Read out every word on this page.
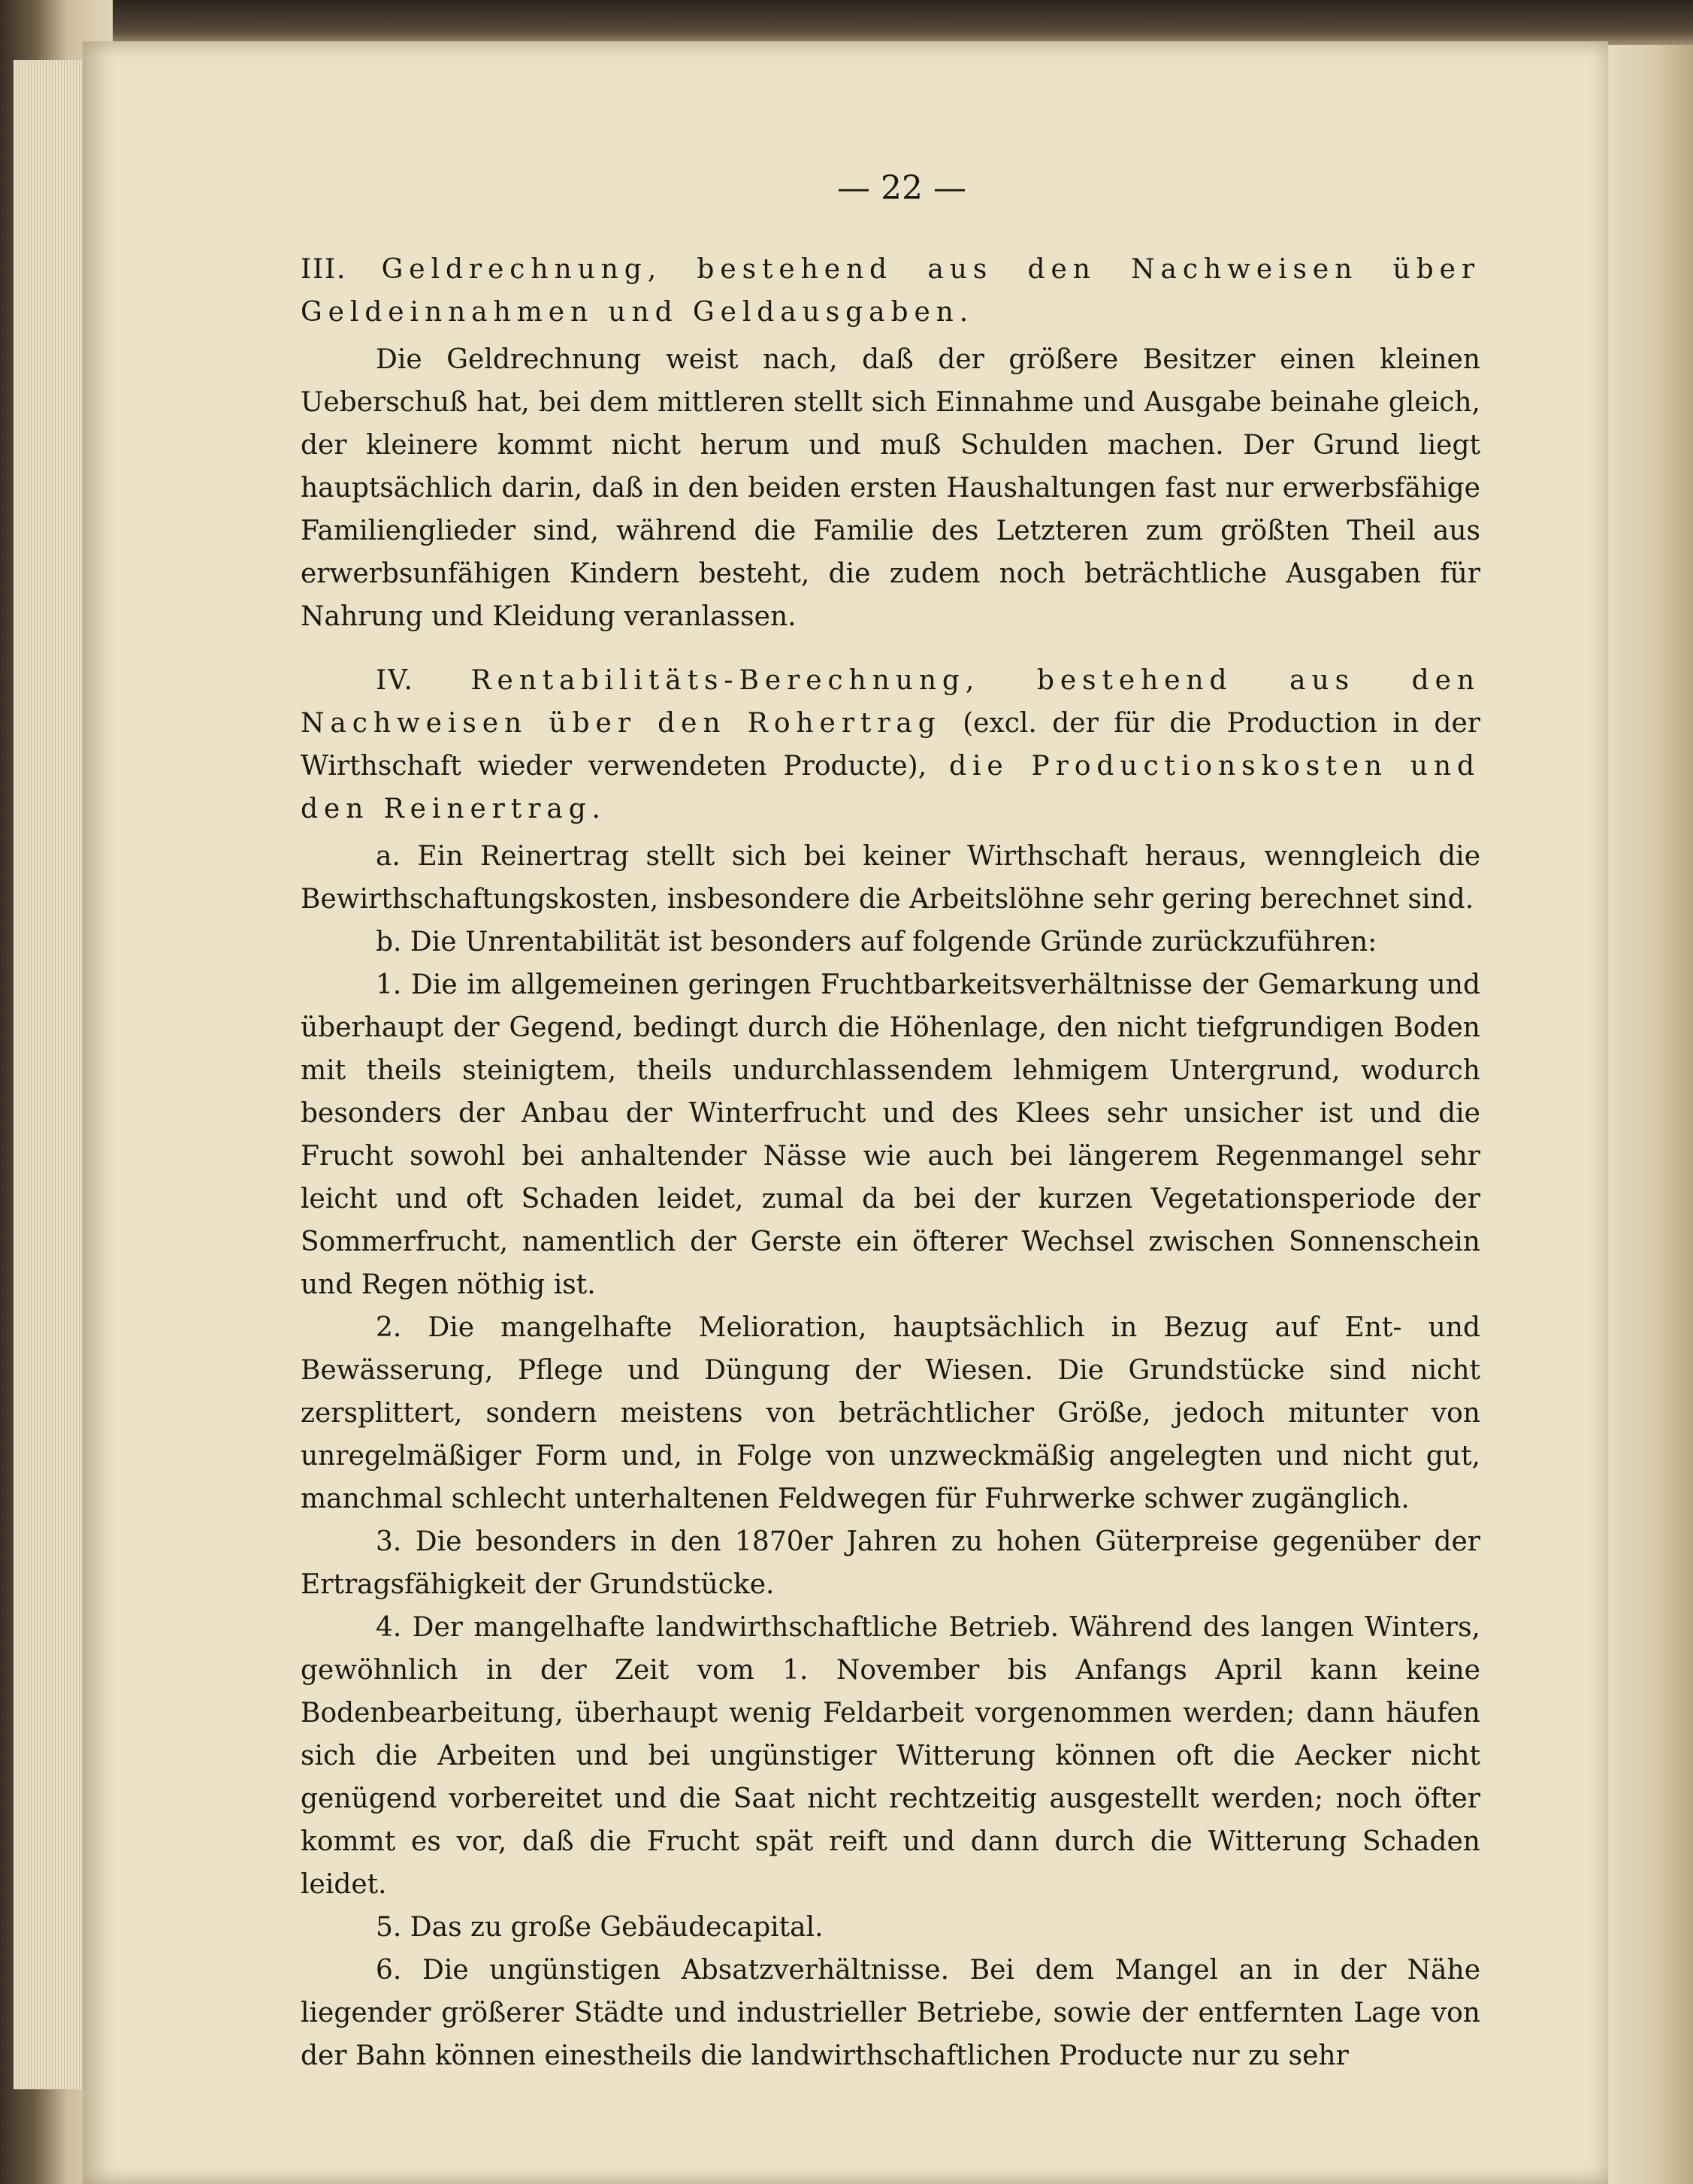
— 22 —

III. Geldrechnung, bestehend aus den Nachweisen über Geldeinnahmen und Geldausgaben.

Die Geldrechnung weist nach, daß der größere Besitzer einen kleinen Ueberschuß hat, bei dem mittleren stellt sich Einnahme und Ausgabe beinahe gleich, der kleinere kommt nicht herum und muß Schulden machen. Der Grund liegt hauptsächlich darin, daß in den beiden ersten Haushaltungen fast nur erwerbsfähige Familienglieder sind, während die Familie des Letzteren zum größten Theil aus erwerbsunfähigen Kindern besteht, die zudem noch beträchtliche Ausgaben für Nahrung und Kleidung veranlassen.

IV. Rentabilitäts-Berechnung, bestehend aus den Nachweisen über den Rohertrag (excl. der für die Production in der Wirthschaft wieder verwendeten Producte), die Productionskosten und den Reinertrag.

a. Ein Reinertrag stellt sich bei keiner Wirthschaft heraus, wenngleich die Bewirthschaftungskosten, insbesondere die Arbeitslöhne sehr gering berechnet sind.

b. Die Unrentabilität ist besonders auf folgende Gründe zurückzuführen:

1. Die im allgemeinen geringen Fruchtbarkeitsverhältnisse der Gemarkung und überhaupt der Gegend, bedingt durch die Höhenlage, den nicht tiefgrundigen Boden mit theils steinigtem, theils undurchlassendem lehmigem Untergrund, wodurch besonders der Anbau der Winterfrucht und des Klees sehr unsicher ist und die Frucht sowohl bei anhaltender Nässe wie auch bei längerem Regenmangel sehr leicht und oft Schaden leidet, zumal da bei der kurzen Vegetationsperiode der Sommerfrucht, namentlich der Gerste ein öfterer Wechsel zwischen Sonnenschein und Regen nöthig ist.

2. Die mangelhafte Melioration, hauptsächlich in Bezug auf Ent- und Bewässerung, Pflege und Düngung der Wiesen. Die Grundstücke sind nicht zersplittert, sondern meistens von beträchtlicher Größe, jedoch mitunter von unregelmäßiger Form und, in Folge von unzweckmäßig angelegten und nicht gut, manchmal schlecht unterhaltenen Feldwegen für Fuhrwerke schwer zugänglich.

3. Die besonders in den 1870er Jahren zu hohen Güterpreise gegenüber der Ertragsfähigkeit der Grundstücke.

4. Der mangelhafte landwirthschaftliche Betrieb. Während des langen Winters, gewöhnlich in der Zeit vom 1. November bis Anfangs April kann keine Bodenbearbeitung, überhaupt wenig Feldarbeit vorgenommen werden; dann häufen sich die Arbeiten und bei ungünstiger Witterung können oft die Aecker nicht genügend vorbereitet und die Saat nicht rechtzeitig ausgestellt werden; noch öfter kommt es vor, daß die Frucht spät reift und dann durch die Witterung Schaden leidet.

5. Das zu große Gebäudecapital.

6. Die ungünstigen Absatzverhältnisse. Bei dem Mangel an in der Nähe liegender größerer Städte und industrieller Betriebe, sowie der entfernten Lage von der Bahn können einestheils die landwirthschaftlichen Producte nur zu sehr
